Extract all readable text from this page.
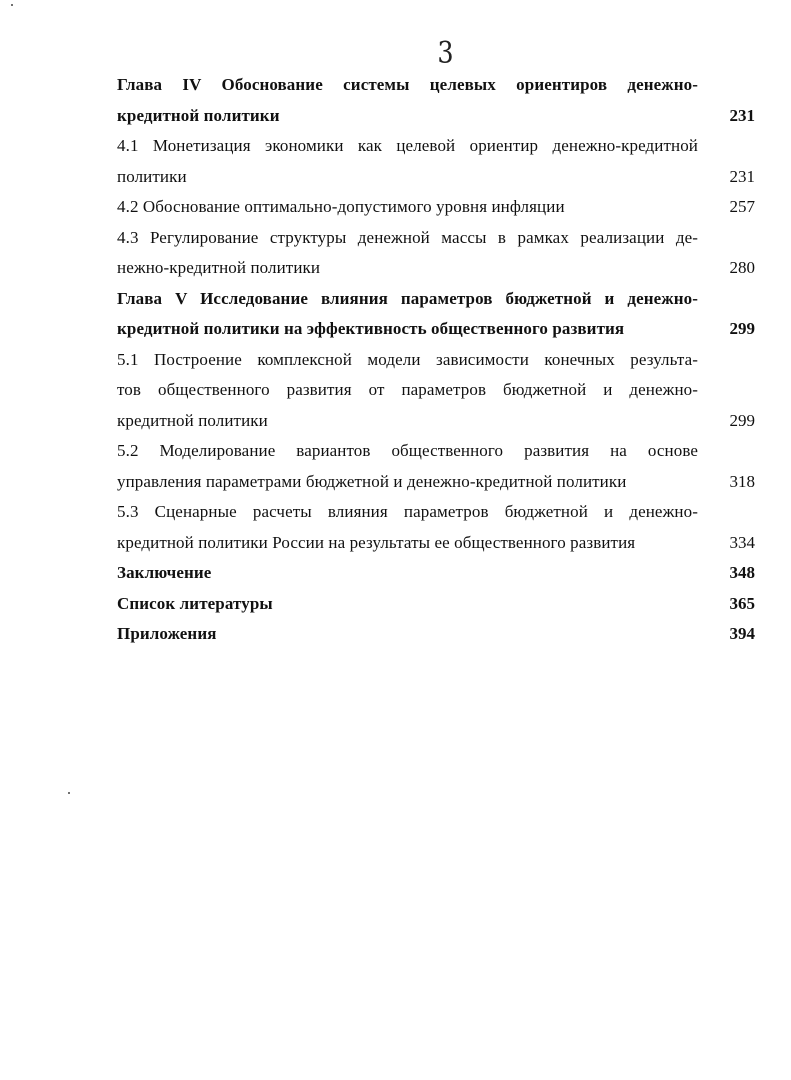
3
Глава IV Обоснование системы целевых ориентиров денежно-
кредитной политики	231
4.1 Монетизация экономики как целевой ориентир денежно-кредитной
политики	231
4.2 Обоснование оптимально-допустимого уровня инфляции	257
4.3 Регулирование структуры денежной массы в рамках реализации де-
нежно-кредитной политики	280
Глава V Исследование влияния параметров бюджетной и денежно-
кредитной политики на эффективность общественного развития	299
5.1 Построение комплексной модели зависимости конечных результа-
тов общественного развития от параметров бюджетной и денежно-
кредитной политики	299
5.2 Моделирование вариантов общественного развития на основе
управления параметрами бюджетной и денежно-кредитной политики	318
5.3 Сценарные расчеты влияния параметров бюджетной и денежно-
кредитной политики России на результаты ее общественного развития	334
Заключение	348
Список литературы	365
Приложения	394
